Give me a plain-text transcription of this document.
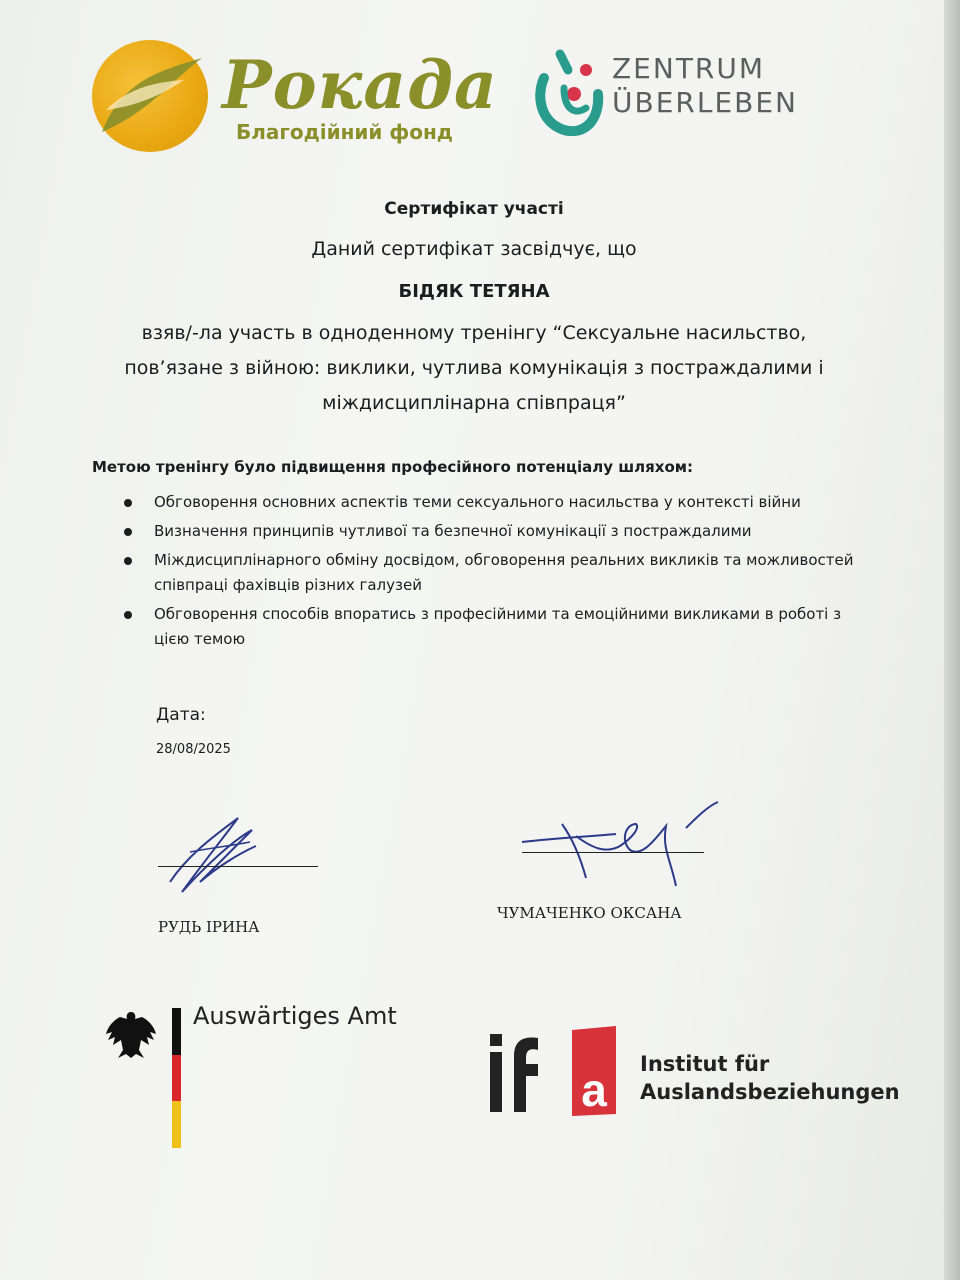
Рокада
Благодійний фонд
ZENTRUM
ÜBERLEBEN
Сертифікат участі
Даний сертифікат засвідчує, що
БІДЯК ТЕТЯНА
взяв/-ла участь в одноденному тренінгу “Сексуальне насильство,
пов’язане з війною: виклики, чутлива комунікація з постраждалими і
міждисциплінарна співпраця”
Метою тренінгу було підвищення професійного потенціалу шляхом:
Обговорення основних аспектів теми сексуального насильства у контексті війни
Визначення принципів чутливої та безпечної комунікації з постраждалими
Міждисциплінарного обміну досвідом, обговорення реальних викликів та можливостей співпраці фахівців різних галузей
Обговорення способів впоратись з професійними та емоційними викликами в роботі з цією темою
Дата:
28/08/2025
РУДЬ ІРИНА
ЧУМАЧЕНКО ОКСАНА
Auswärtiges Amt
a Institut für
Auslandsbeziehungen
